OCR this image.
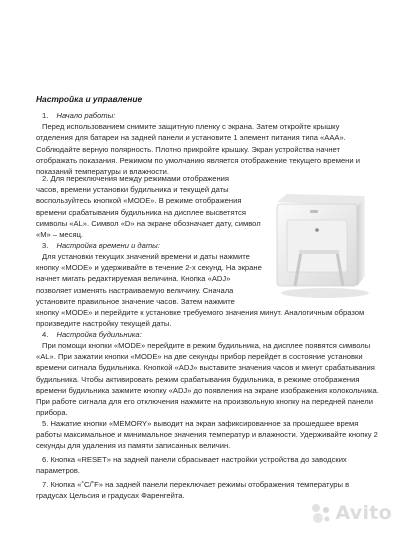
Настройка и управление
1. Начало работы:
Перед использованием снимите защитную пленку с экрана. Затем откройте крышку
отделения для батареи на задней панели и установите 1 элемент питания типа «AAA».
Соблюдайте верную полярность. Плотно прикройте крышку. Экран устройства начнет
отображать показания. Режимом по умолчанию является отображение текущего времени и
показаний температуры и влажности.
2. Для переключения между режимами отображения
часов, времени установки будильника и текущей даты
воспользуйтесь кнопкой «MODE». В режиме отображения
времени срабатывания будильника на дисплее высветятся
символы «AL». Символ «D» на экране обозначает дату, символ
«M» – месяц.
3. Настройка времени и даты:
Для установки текущих значений времени и даты нажмите
кнопку «MODE» и удерживайте в течение 2-х секунд. На экране
начнет мигать редактируемая величина. Кнопка «ADJ»
позволяет изменять настраиваемую величину. Сначала
установите правильное значение часов. Затем нажмите
кнопку «MODE» и перейдите к установке требуемого значения минут. Аналогичным образом
произведите настройку текущей даты.
4. Настройка будильника:
При помощи кнопки «MODE» перейдите в режим будильника, на дисплее появятся символы
«AL». При зажатии кнопки «MODE» на две секунды прибор перейдет в состояние установки
времени сигнала будильника. Кнопкой «ADJ» выставите значения часов и минут срабатывания
будильника. Чтобы активировать режим срабатывания будильника, в режиме отображения
времени будильника зажмите кнопку «ADJ» до появления на экране изображения колокольчика.
При работе сигнала для его отключения нажмите на произвольную кнопку на передней панели
прибора.
5. Нажатие кнопки «MEMORY» выводит на экран зафиксированное за прошедшее время
работы максимальное и минимальное значения температур и влажности. Удерживайте кнопку 2
секунды для удаления из памяти записанных величин.
6. Кнопка «RESET» на задней панели сбрасывает настройки устройства до заводских
параметров.
7. Кнопка «˚C/˚F» на задней панели переключает режимы отображения температуры в
градусах Цельсия и градусах Фаренгейта.
Avito
